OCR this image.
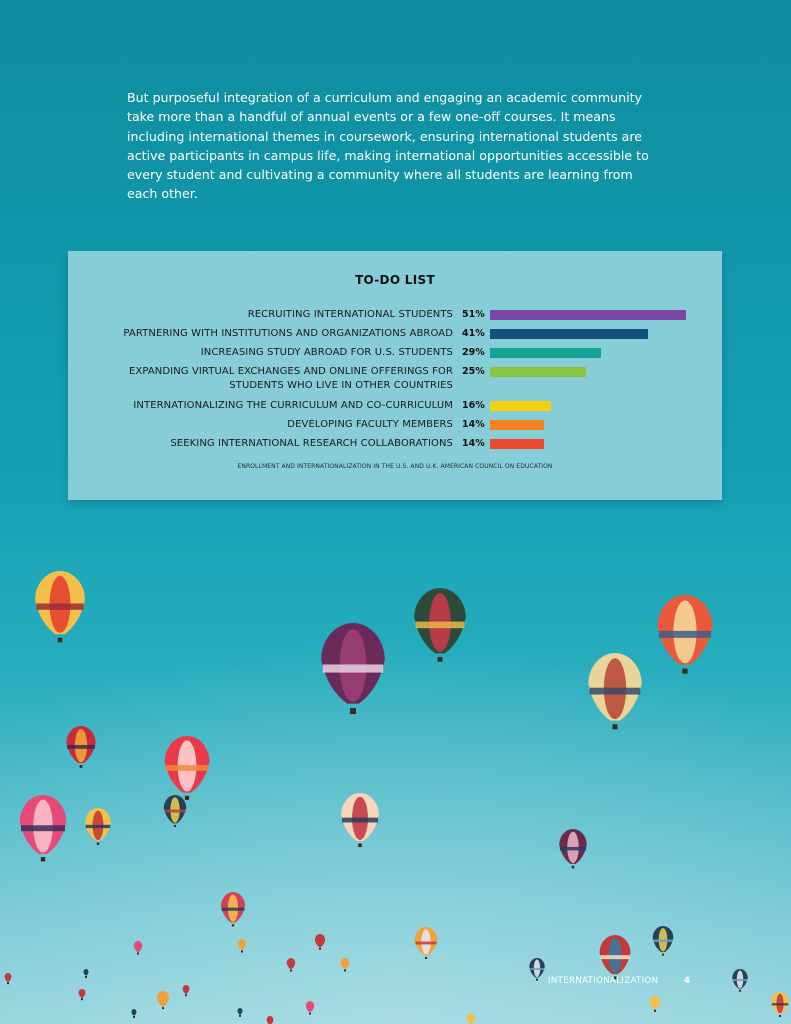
But purposeful integration of a curriculum and engaging an academic community take more than a handful of annual events or a few one-off courses. It means including international themes in coursework, ensuring international students are active participants in campus life, making international opportunities accessible to every student and cultivating a community where all students are learning from each other.

TO-DO LIST
RECRUITING INTERNATIONAL STUDENTS 51%
PARTNERING WITH INSTITUTIONS AND ORGANIZATIONS ABROAD 41%
INCREASING STUDY ABROAD FOR U.S. STUDENTS 29%
EXPANDING VIRTUAL EXCHANGES AND ONLINE OFFERINGS FOR STUDENTS WHO LIVE IN OTHER COUNTRIES
25%
INTERNATIONALIZING THE CURRICULUM AND CO-CURRICULUM 16%
DEVELOPING FACULTY MEMBERS 14%
SEEKING INTERNATIONAL RESEARCH COLLABORATIONS 14%
ENROLLMENT AND INTERNATIONALIZATION IN THE U.S. AND U.K. AMERICAN COUNCIL ON EDUCATION
INTERNATIONALIZATION	4
